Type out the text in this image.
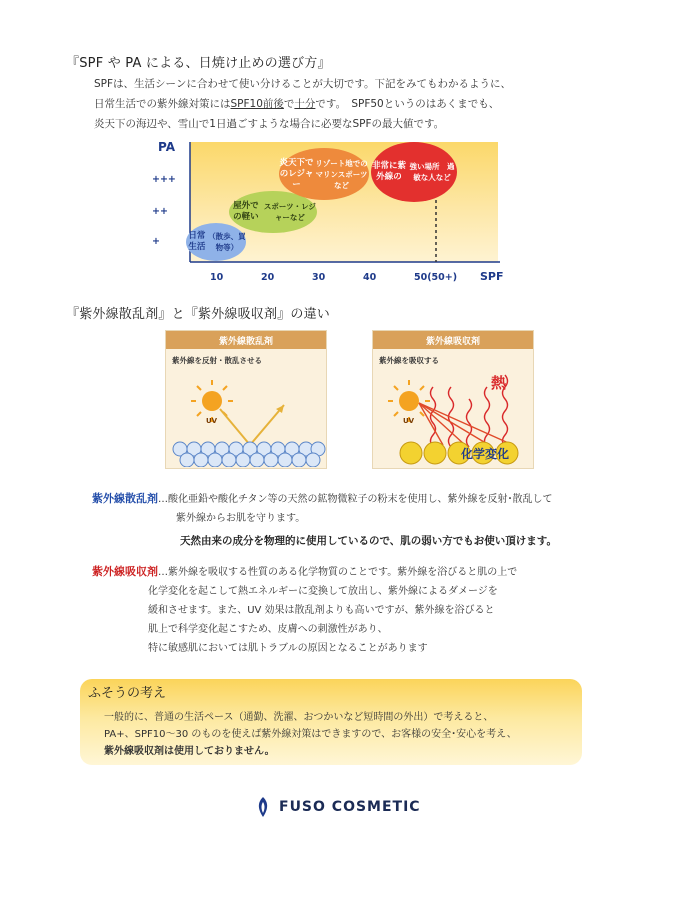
『SPF や PA による、日焼け止めの選び方』
SPFは、生活シーンに合わせて使い分けることが大切です。下記をみてもわかるように、
日常生活での紫外線対策にはSPF10前後で十分です。　SPF50というのはあくまでも、
炎天下の海辺や、雪山で1日過ごすような場合に必要なSPFの最大値です。
PA
10	20	30	40	50(50+)
+
++
+++
SPF
日常生活
（散歩、買物等）
屋外での軽い
スポーツ・レジャーなど
炎天下でのレジャー
リゾート地でのマリンスポーツなど
非常に紫外線の
強い場所　過敏な人など
『紫外線散乱剤』と『紫外線吸収剤』の違い
紫外線散乱剤
紫外線を反射・散乱させる
UV
紫外線吸収剤
紫外線を吸収する
UV
熱
化学変化
紫外線散乱剤…酸化亜鉛や酸化チタン等の天然の鉱物微粒子の粉末を使用し、紫外線を反射･散乱して
紫外線からお肌を守ります。
天然由来の成分を物理的に使用しているので、肌の弱い方でもお使い頂けます。
紫外線吸収剤…紫外線を吸収する性質のある化学物質のことです。紫外線を浴びると肌の上で
化学変化を起こして熱エネルギーに変換して放出し、紫外線によるダメージを
緩和させます。また、UV 効果は散乱剤よりも高いですが、紫外線を浴びると
肌上で科学変化起こすため、皮膚への刺激性があり、
特に敏感肌においては肌トラブルの原因となることがあります
ふそうの考え
一般的に、普通の生活ペース（通勤、洗濯、おつかいなど短時間の外出）で考えると、
PA+、SPF10～30 のものを使えば紫外線対策はできますので、お客様の安全･安心を考え、
紫外線吸収剤は使用しておりません。
FUSO COSMETIC
